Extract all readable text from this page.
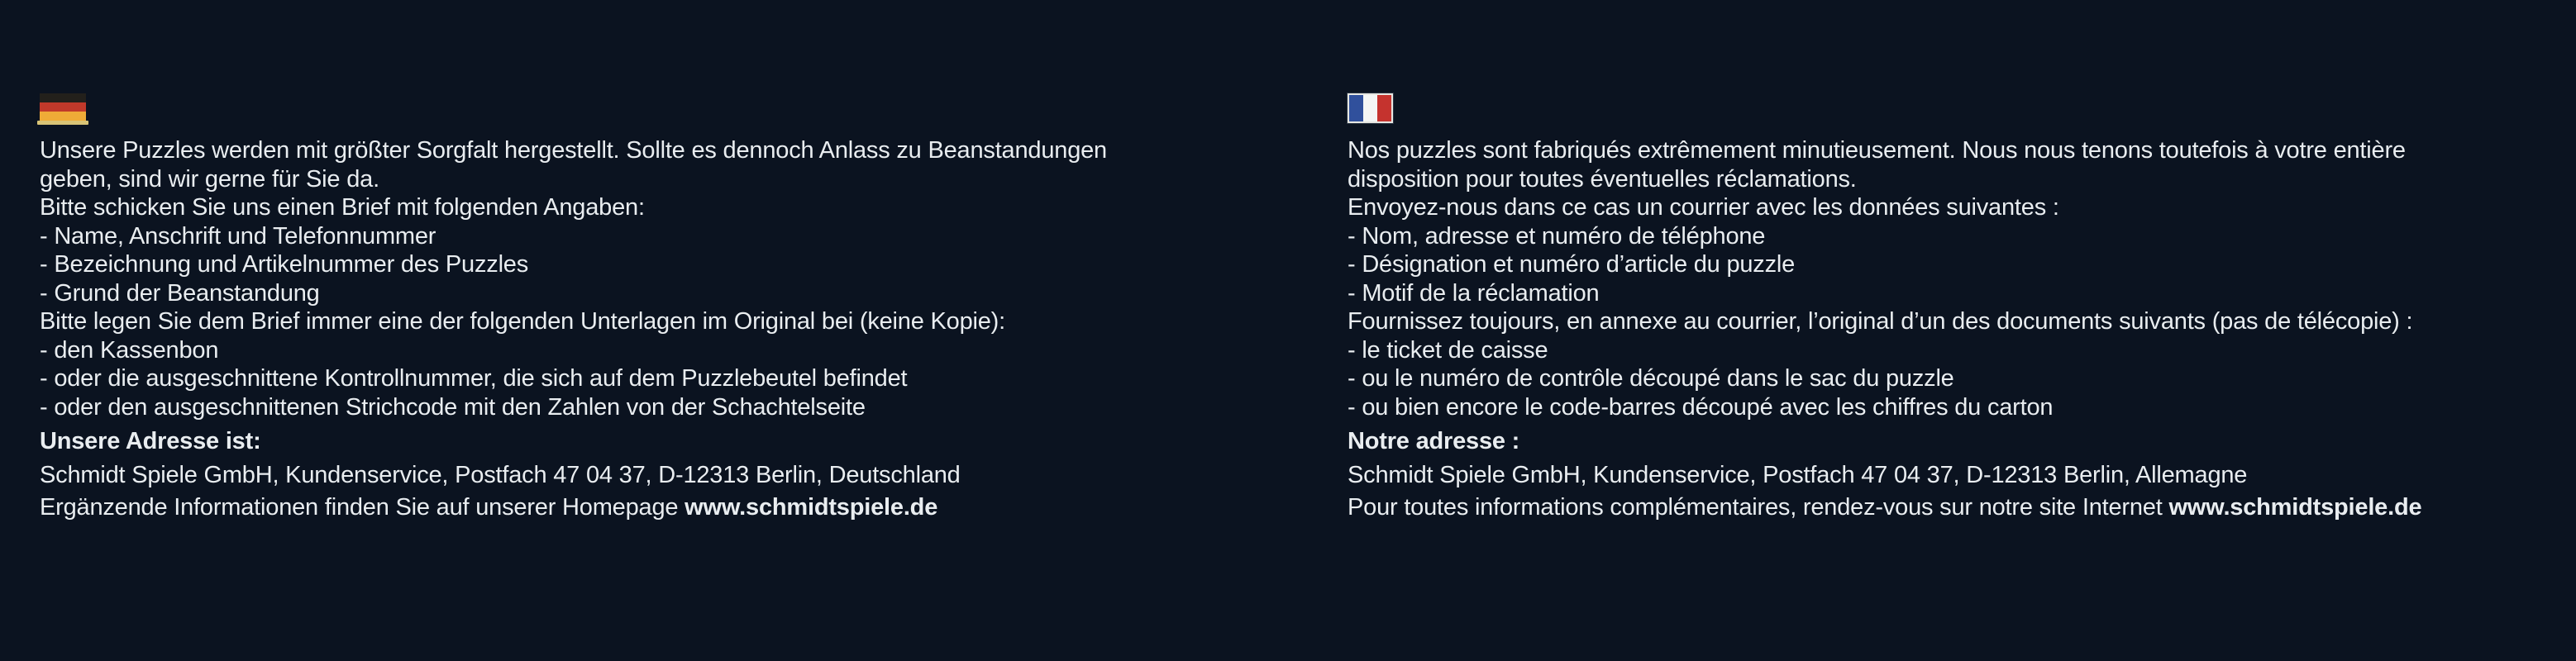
Unsere Puzzles werden mit größter Sorgfalt hergestellt. Sollte es dennoch Anlass zu Beanstandungen
geben, sind wir gerne für Sie da.
Bitte schicken Sie uns einen Brief mit folgenden Angaben:
- Name, Anschrift und Telefonnummer
- Bezeichnung und Artikelnummer des Puzzles
- Grund der Beanstandung
Bitte legen Sie dem Brief immer eine der folgenden Unterlagen im Original bei (keine Kopie):
- den Kassenbon
- oder die ausgeschnittene Kontrollnummer, die sich auf dem Puzzlebeutel befindet
- oder den ausgeschnittenen Strichcode mit den Zahlen von der Schachtelseite
Unsere Adresse ist:
Schmidt Spiele GmbH, Kundenservice, Postfach 47 04 37, D-12313 Berlin, Deutschland
Ergänzende Informationen finden Sie auf unserer Homepage www.schmidtspiele.de
Nos puzzles sont fabriqués extrêmement minutieusement. Nous nous tenons toutefois à votre entière
disposition pour toutes éventuelles réclamations.
Envoyez-nous dans ce cas un courrier avec les données suivantes :
- Nom, adresse et numéro de téléphone
- Désignation et numéro d’article du puzzle
- Motif de la réclamation
Fournissez toujours, en annexe au courrier, l’original d’un des documents suivants (pas de télécopie) :
- le ticket de caisse
- ou le numéro de contrôle découpé dans le sac du puzzle
- ou bien encore le code-barres découpé avec les chiffres du carton
Notre adresse :
Schmidt Spiele GmbH, Kundenservice, Postfach 47 04 37, D-12313 Berlin, Allemagne
Pour toutes informations complémentaires, rendez-vous sur notre site Internet www.schmidtspiele.de
